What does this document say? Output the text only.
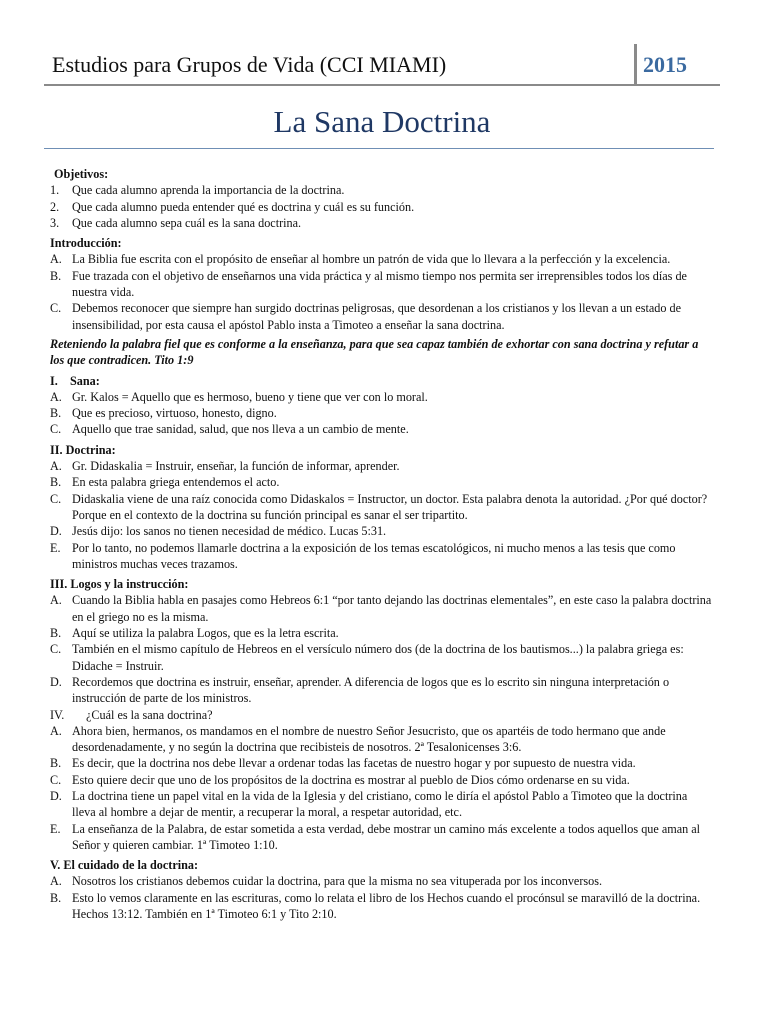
Estudios para Grupos de Vida (CCI MIAMI)	2015
La Sana Doctrina
Objetivos:
1. Que cada alumno aprenda la importancia de la doctrina.
2. Que cada alumno pueda entender qué es doctrina y cuál es su función.
3. Que cada alumno sepa cuál es la sana doctrina.
Introducción:
A. La Biblia fue escrita con el propósito de enseñar al hombre un patrón de vida que lo llevara a la perfección y la excelencia.
B. Fue trazada con el objetivo de enseñarnos una vida práctica y al mismo tiempo nos permita ser irreprensibles todos los días de nuestra vida.
C. Debemos reconocer que siempre han surgido doctrinas peligrosas, que desordenan a los cristianos y los llevan a un estado de insensibilidad, por esta causa el apóstol Pablo insta a Timoteo a enseñar la sana doctrina.
Reteniendo la palabra fiel que es conforme a la enseñanza, para que sea capaz también de exhortar con sana doctrina y refutar a los que contradicen. Tito 1:9
I.    Sana:
A. Gr. Kalos = Aquello que es hermoso, bueno y tiene que ver con lo moral.
B. Que es precioso, virtuoso, honesto, digno.
C. Aquello que trae sanidad, salud, que nos lleva a un cambio de mente.
II. Doctrina:
A. Gr. Didaskalia = Instruir, enseñar, la función de informar, aprender.
B. En esta palabra griega entendemos el acto.
C. Didaskalia viene de una raíz conocida como Didaskalos = Instructor, un doctor. Esta palabra denota la autoridad. ¿Por qué doctor? Porque en el contexto de la doctrina su función principal es sanar el ser tripartito.
D. Jesús dijo: los sanos no tienen necesidad de médico. Lucas 5:31.
E. Por lo tanto, no podemos llamarle doctrina a la exposición de los temas escatológicos, ni mucho menos a las tesis que como ministros muchas veces trazamos.
III. Logos y la instrucción:
A. Cuando la Biblia habla en pasajes como Hebreos 6:1 “por tanto dejando las doctrinas elementales”, en este caso la palabra doctrina en el griego no es la misma.
B. Aquí se utiliza la palabra Logos, que es la letra escrita.
C. También en el mismo capítulo de Hebreos en el versículo número dos (de la doctrina de los bautismos...) la palabra griega es: Didache = Instruir.
D. Recordemos que doctrina es instruir, enseñar, aprender. A diferencia de logos que es lo escrito sin ninguna interpretación o instrucción de parte de los ministros.
IV. ¿Cuál es la sana doctrina?
A. Ahora bien, hermanos, os mandamos en el nombre de nuestro Señor Jesucristo, que os apartéis de todo hermano que ande desordenadamente, y no según la doctrina que recibisteis de nosotros. 2ª Tesalonicenses 3:6.
B. Es decir, que la doctrina nos debe llevar a ordenar todas las facetas de nuestro hogar y por supuesto de nuestra vida.
C. Esto quiere decir que uno de los propósitos de la doctrina es mostrar al pueblo de Dios cómo ordenarse en su vida.
D. La doctrina tiene un papel vital en la vida de la Iglesia y del cristiano, como le diría el apóstol Pablo a Timoteo que la doctrina lleva al hombre a dejar de mentir, a recuperar la moral, a respetar autoridad, etc.
E. La enseñanza de la Palabra, de estar sometida a esta verdad, debe mostrar un camino más excelente a todos aquellos que aman al Señor y quieren cambiar. 1ª Timoteo 1:10.
V. El cuidado de la doctrina:
A. Nosotros los cristianos debemos cuidar la doctrina, para que la misma no sea vituperada por los inconversos.
B. Esto lo vemos claramente en las escrituras, como lo relata el libro de los Hechos cuando el procónsul se maravilló de la doctrina. Hechos 13:12. También en 1ª Timoteo 6:1 y Tito 2:10.
